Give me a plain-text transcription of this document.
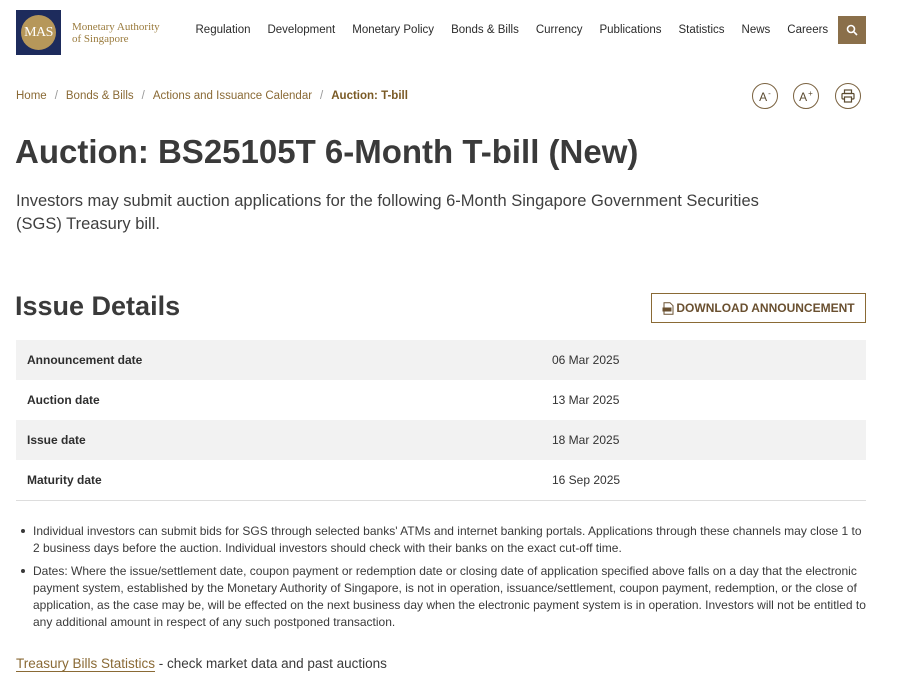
MAS Monetary Authority
of Singapore
Regulation Development Monetary Policy Bonds & Bills Currency Publications Statistics News Careers
Home / Bonds & Bills / Actions and Issuance Calendar / Auction: T-bill	A- A+
Auction: BS25105T 6-Month T-bill (New)

Investors may submit auction applications for the following 6-Month Singapore Government Securities (SGS) Treasury bill.

Issue Details	DOWNLOAD ANNOUNCEMENT
Announcement date	06 Mar 2025
Auction date	13 Mar 2025
Issue date	18 Mar 2025
Maturity date	16 Sep 2025
Individual investors can submit bids for SGS through selected banks' ATMs and internet banking portals. Applications through these channels may close 1 to 2 business days before the auction. Individual investors should check with their banks on the exact cut-off time.
Dates: Where the issue/settlement date, coupon payment or redemption date or closing date of application specified above falls on a day that the electronic payment system, established by the Monetary Authority of Singapore, is not in operation, issuance/settlement, coupon payment, redemption, or the close of application, as the case may be, will be effected on the next business day when the electronic payment system is in operation. Investors will not be entitled to any additional amount in respect of any such postponed transaction.
Treasury Bills Statistics - check market data and past auctions
